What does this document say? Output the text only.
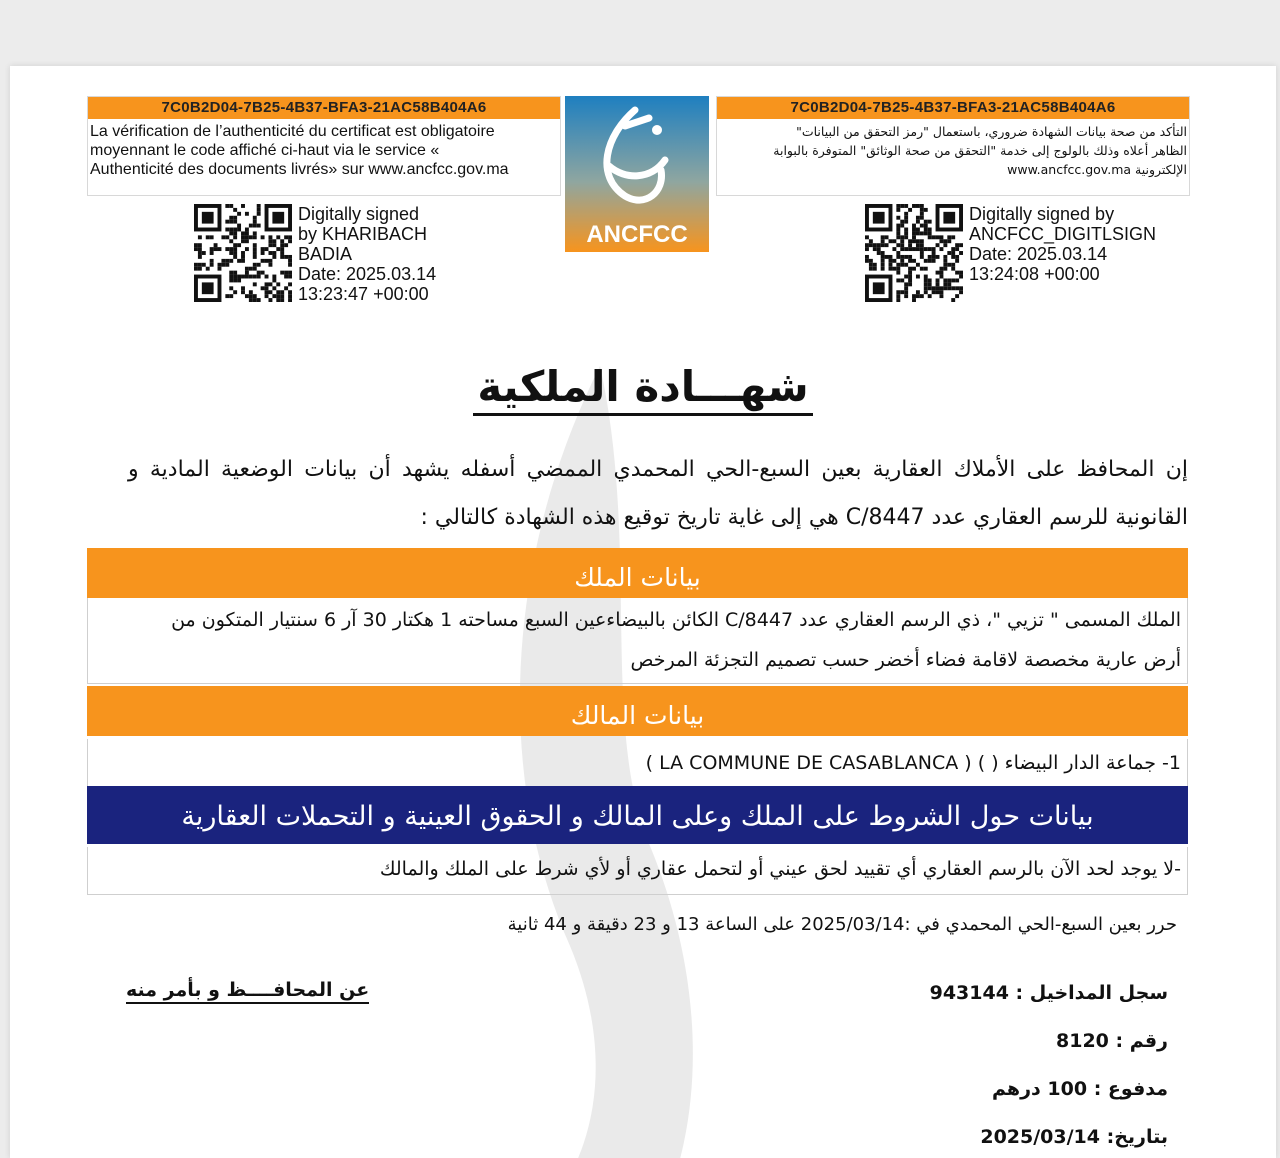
7C0B2D04-7B25-4B37-BFA3-21AC58B404A6
La vérification de l’authenticité du certificat est obligatoire
moyennant le code affiché ci-haut via le service «
Authenticité des documents livrés» sur www.ancfcc.gov.ma
ANCFCC
7C0B2D04-7B25-4B37-BFA3-21AC58B404A6
التأكد من صحة بيانات الشهادة ضروري، باستعمال "رمز التحقق من البيانات"
الظاهر أعلاه وذلك بالولوج إلى خدمة "التحقق من صحة الوثائق" المتوفرة بالبوابة
الإلكترونية www.ancfcc.gov.ma
Digitally signed
by KHARIBACH
BADIA
Date: 2025.03.14
13:23:47 +00:00
Digitally signed by
ANCFCC_DIGITLSIGN
Date: 2025.03.14
13:24:08 +00:00
شهـــادة الملكية
إن المحافظ على الأملاك العقارية بعين السبع-الحي المحمدي الممضي أسفله يشهد أن بيانات الوضعية المادية و القانونية للرسم العقاري عدد C/8447 هي إلى غاية تاريخ توقيع هذه الشهادة كالتالي :
بيانات الملك
الملك المسمى " تزيي "، ذي الرسم العقاري عدد C/8447 الكائن بالبيضاءعين السبع مساحته 1 هكتار 30 آر 6 سنتيار المتكون من
أرض عارية مخصصة لاقامة فضاء أخضر حسب تصميم التجزئة المرخص
بيانات المالك
1- جماعة الدار البيضاء ( ) ( LA COMMUNE DE CASABLANCA )
بيانات حول الشروط على الملك وعلى المالك و الحقوق العينية و التحملات العقارية
-لا يوجد لحد الآن بالرسم العقاري أي تقييد لحق عيني أو لتحمل عقاري أو لأي شرط على الملك والمالك
حرر بعين السبع-الحي المحمدي في :2025/03/14 على الساعة 13 و 23 دقيقة و 44 ثانية
عن المحافــــظ و بأمر منه	سجل المداخيل : 943144
رقم : 8120
مدفوع : 100 درهم
بتاريخ: 2025/03/14
